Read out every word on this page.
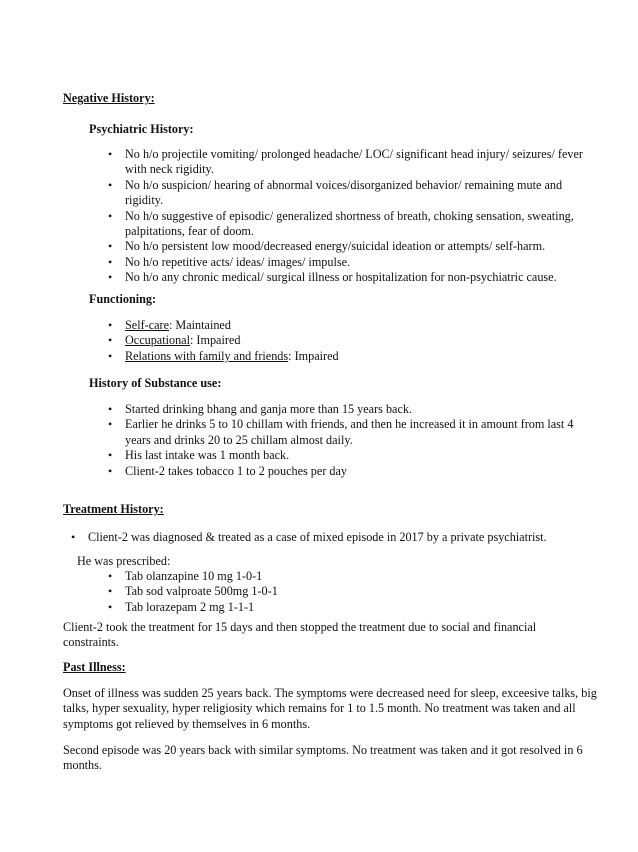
Negative History:
Psychiatric History:
• No h/o projectile vomiting/ prolonged headache/ LOC/ significant head injury/ seizures/ fever with neck rigidity.
• No h/o suspicion/ hearing of abnormal voices/disorganized behavior/ remaining mute and rigidity.
• No h/o suggestive of episodic/ generalized shortness of breath, choking sensation, sweating, palpitations, fear of doom.
• No h/o persistent low mood/decreased energy/suicidal ideation or attempts/ self-harm.
• No h/o repetitive acts/ ideas/ images/ impulse.
• No h/o any chronic medical/ surgical illness or hospitalization for non-psychiatric cause.
Functioning:
• Self-care: Maintained
• Occupational: Impaired
• Relations with family and friends: Impaired
History of Substance use:
• Started drinking bhang and ganja more than 15 years back.
• Earlier he drinks 5 to 10 chillam with friends, and then he increased it in amount from last 4 years and drinks 20 to 25 chillam almost daily.
• His last intake was 1 month back.
• Client-2 takes tobacco 1 to 2 pouches per day
Treatment History:
• Client-2 was diagnosed & treated as a case of mixed episode in 2017 by a private psychiatrist.
He was prescribed:
• Tab olanzapine 10 mg 1-0-1
• Tab sod valproate 500mg 1-0-1
• Tab lorazepam 2 mg 1-1-1

Client-2 took the treatment for 15 days and then stopped the treatment due to social and financial constraints.

Past Illness:

Onset of illness was sudden 25 years back. The symptoms were decreased need for sleep, exceesive talks, big talks, hyper sexuality, hyper religiosity which remains for 1 to 1.5 month. No treatment was taken and all symptoms got relieved by themselves in 6 months.

Second episode was 20 years back with similar symptoms. No treatment was taken and it got resolved in 6 months.
